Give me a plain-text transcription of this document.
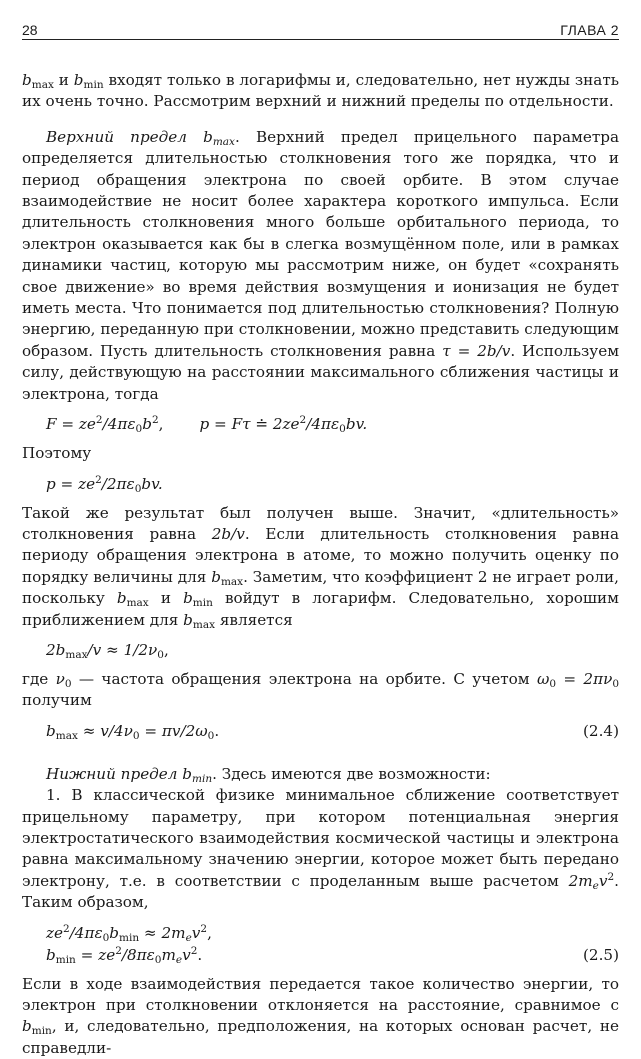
28	ГЛАВА 2

$b_{max}$ и $b_{min}$ входят только в логарифмы и, следовательно, нет нужды знать их очень точно. Рассмотрим верхний и нижний пределы по отдельности.

Верхний предел $b_{max}$. Верхний предел прицельного параметра определяется длительностью столкновения того же порядка, что и период обращения электрона по своей орбите. В этом случае взаимодействие не носит более характера короткого импульса. Если длительность столкновения много больше орбитального периода, то электрон оказывается как бы в слегка возмущённом поле, или в рамках динамики частиц, которую мы рассмотрим ниже, он будет «сохранять свое движение» во время действия возмущения и ионизация не будет иметь места. Что понимается под длительностью столкновения? Полную энергию, переданную при столкновении, можно представить следующим образом. Пусть длительность столкновения равна τ = 2b/v. Используем силу, действующую на расстоянии максимального сближения частицы и электрона, тогда

$F = ze^2/4\pi\varepsilon_0b^2$, p = Fτ ≐ $2ze^2/4\pi\varepsilon_0bv$.

Поэтому

$p = ze^2/2\pi\varepsilon_0bv$.

Такой же результат был получен выше. Значит, «длительность» столкновения равна 2b/v. Если длительность столкновения равна периоду обращения электрона в атоме, то можно получить оценку по порядку величины для $b_{max}$. Заметим, что коэффициент 2 не играет роли, поскольку $b_{max}$ и $b_{min}$ войдут в логарифм. Следовательно, хорошим приближением для $b_{max}$ является

$2b_{max}/v \approx 1/2\nu_0$,

где $\nu_0$ — частота обращения электрона на орбите. С учетом $\omega_0 = 2\pi\nu_0$ получим

$b_{max} \approx v/4\nu_0 = \pi v/2\omega_0$.	(2.4)

Нижний предел $b_{min}$. Здесь имеются две возможности:

1. В классической физике минимальное сближение соответствует прицельному параметру, при котором потенциальная энергия электростатического взаимодействия космической частицы и электрона равна максимальному значению энергии, которое может быть передано электрону, т.е. в соответствии с проделанным выше расчетом $2m_ev^2$. Таким образом,

$ze^2/4\pi\varepsilon_0b_{min} \approx 2m_ev^2$,
$b_{min} = ze^2/8\pi\varepsilon_0m_ev^2$.	(2.5)

Если в ходе взаимодействия передается такое количество энергии, то электрон при столкновении отклоняется на расстояние, сравнимое с $b_{min}$, и, следовательно, предположения, на которых основан расчет, не справедли-
